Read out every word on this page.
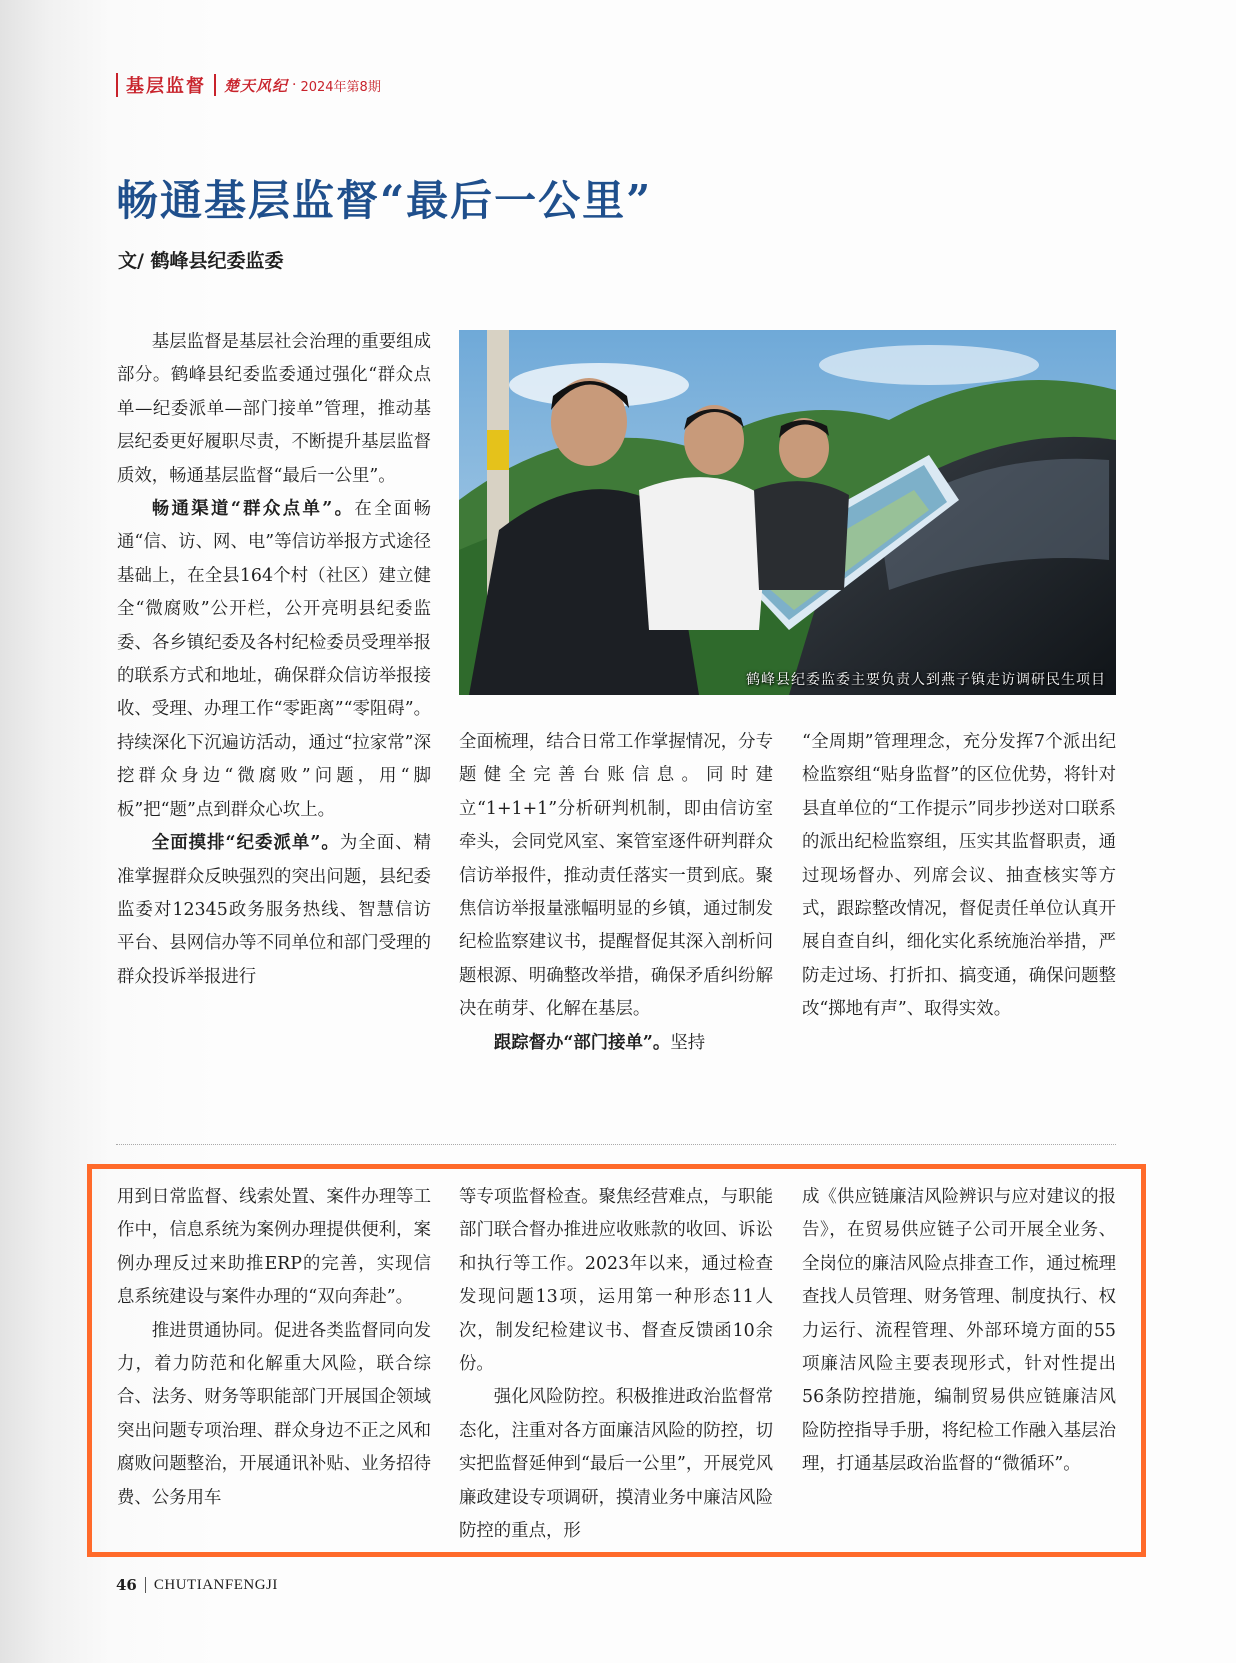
基层监督 楚天风纪 · 2024年第8期
畅通基层监督“最后一公里”

文/ 鹤峰县纪委监委

基层监督是基层社会治理的重要组成部分。鹤峰县纪委监委通过强化“群众点单—纪委派单—部门接单”管理，推动基层纪委更好履职尽责，不断提升基层监督质效，畅通基层监督“最后一公里”。

畅通渠道“群众点单”。在全面畅通“信、访、网、电”等信访举报方式途径基础上，在全县164个村（社区）建立健全“微腐败”公开栏，公开亮明县纪委监委、各乡镇纪委及各村纪检委员受理举报的联系方式和地址，确保群众信访举报接收、受理、办理工作“零距离”“零阻碍”。持续深化下沉遍访活动，通过“拉家常”深挖群众身边“微腐败”问题，用“脚板”把“题”点到群众心坎上。

全面摸排“纪委派单”。为全面、精准掌握群众反映强烈的突出问题，县纪委监委对12345政务服务热线、智慧信访平台、县网信办等不同单位和部门受理的群众投诉举报进行

鹤峰县纪委监委主要负责人到燕子镇走访调研民生项目

全面梳理，结合日常工作掌握情况，分专题健全完善台账信息。同时建立“1+1+1”分析研判机制，即由信访室牵头，会同党风室、案管室逐件研判群众信访举报件，推动责任落实一贯到底。聚焦信访举报量涨幅明显的乡镇，通过制发纪检监察建议书，提醒督促其深入剖析问题根源、明确整改举措，确保矛盾纠纷解决在萌芽、化解在基层。

跟踪督办“部门接单”。坚持

“全周期”管理理念，充分发挥7个派出纪检监察组“贴身监督”的区位优势，将针对县直单位的“工作提示”同步抄送对口联系的派出纪检监察组，压实其监督职责，通过现场督办、列席会议、抽查核实等方式，跟踪整改情况，督促责任单位认真开展自查自纠，细化实化系统施治举措，严防走过场、打折扣、搞变通，确保问题整改“掷地有声”、取得实效。

用到日常监督、线索处置、案件办理等工作中，信息系统为案例办理提供便利，案例办理反过来助推ERP的完善，实现信息系统建设与案件办理的“双向奔赴”。

推进贯通协同。促进各类监督同向发力，着力防范和化解重大风险，联合综合、法务、财务等职能部门开展国企领域突出问题专项治理、群众身边不正之风和腐败问题整治，开展通讯补贴、业务招待费、公务用车

等专项监督检查。聚焦经营难点，与职能部门联合督办推进应收账款的收回、诉讼和执行等工作。2023年以来，通过检查发现问题13项，运用第一种形态11人次，制发纪检建议书、督查反馈函10余份。

强化风险防控。积极推进政治监督常态化，注重对各方面廉洁风险的防控，切实把监督延伸到“最后一公里”，开展党风廉政建设专项调研，摸清业务中廉洁风险防控的重点，形

成《供应链廉洁风险辨识与应对建议的报告》，在贸易供应链子公司开展全业务、全岗位的廉洁风险点排查工作，通过梳理查找人员管理、财务管理、制度执行、权力运行、流程管理、外部环境方面的55项廉洁风险主要表现形式，针对性提出56条防控措施，编制贸易供应链廉洁风险防控指导手册，将纪检工作融入基层治理，打通基层政治监督的“微循环”。

46 CHUTIANFENGJI
